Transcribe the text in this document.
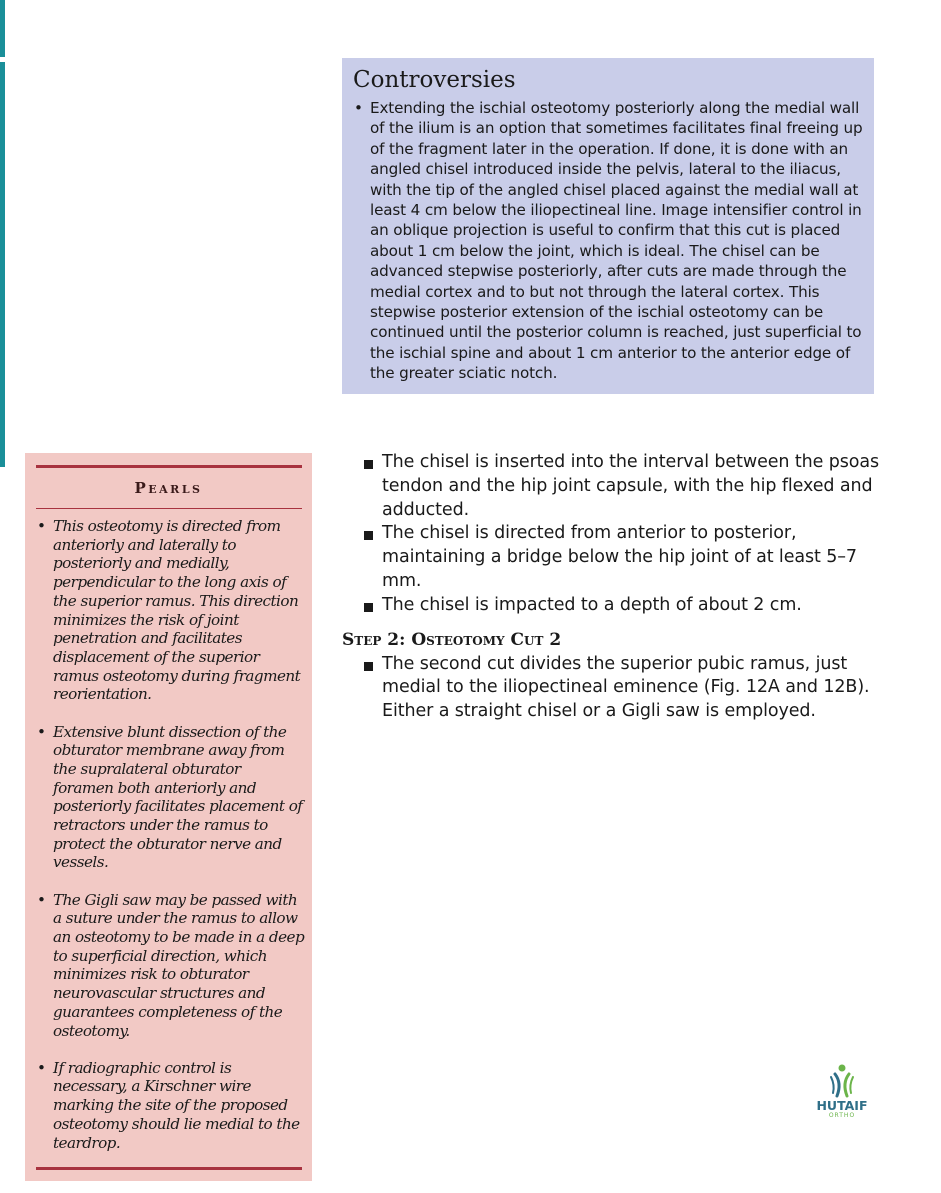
Controversies
• Extending the ischial osteotomy posteriorly along the medial wall of the ilium is an option that sometimes facilitates final freeing up of the fragment later in the operation. If done, it is done with an angled chisel introduced inside the pelvis, lateral to the iliacus, with the tip of the angled chisel placed against the medial wall at least 4 cm below the iliopectineal line. Image intensifier control in an oblique projection is useful to confirm that this cut is placed about 1 cm below the joint, which is ideal. The chisel can be advanced stepwise posteriorly, after cuts are made through the medial cortex and to but not through the lateral cortex. This stepwise posterior extension of the ischial osteotomy can be continued until the posterior column is reached, just superficial to the ischial spine and about 1 cm anterior to the anterior edge of the greater sciatic notch.
Pearls
• This osteotomy is directed from anteriorly and laterally to posteriorly and medially, perpendicular to the long axis of the superior ramus. This direction minimizes the risk of joint penetration and facilitates displacement of the superior ramus osteotomy during fragment reorientation.
• Extensive blunt dissection of the obturator membrane away from the supralateral obturator foramen both anteriorly and posteriorly facilitates placement of retractors under the ramus to protect the obturator nerve and vessels.
• The Gigli saw may be passed with a suture under the ramus to allow an osteotomy to be made in a deep to superficial direction, which minimizes risk to obturator neurovascular structures and guarantees completeness of the osteotomy.
• If radiographic control is necessary, a Kirschner wire marking the site of the proposed osteotomy should lie medial to the teardrop.
The chisel is inserted into the interval between the psoas tendon and the hip joint capsule, with the hip flexed and adducted.
The chisel is directed from anterior to posterior, maintaining a bridge below the hip joint of at least 5–7 mm.
The chisel is impacted to a depth of about 2 cm.
Step 2: Osteotomy Cut 2
The second cut divides the superior pubic ramus, just medial to the iliopectineal eminence (Fig. 12A and 12B). Either a straight chisel or a Gigli saw is employed.
HUTAIF
ORTHO
